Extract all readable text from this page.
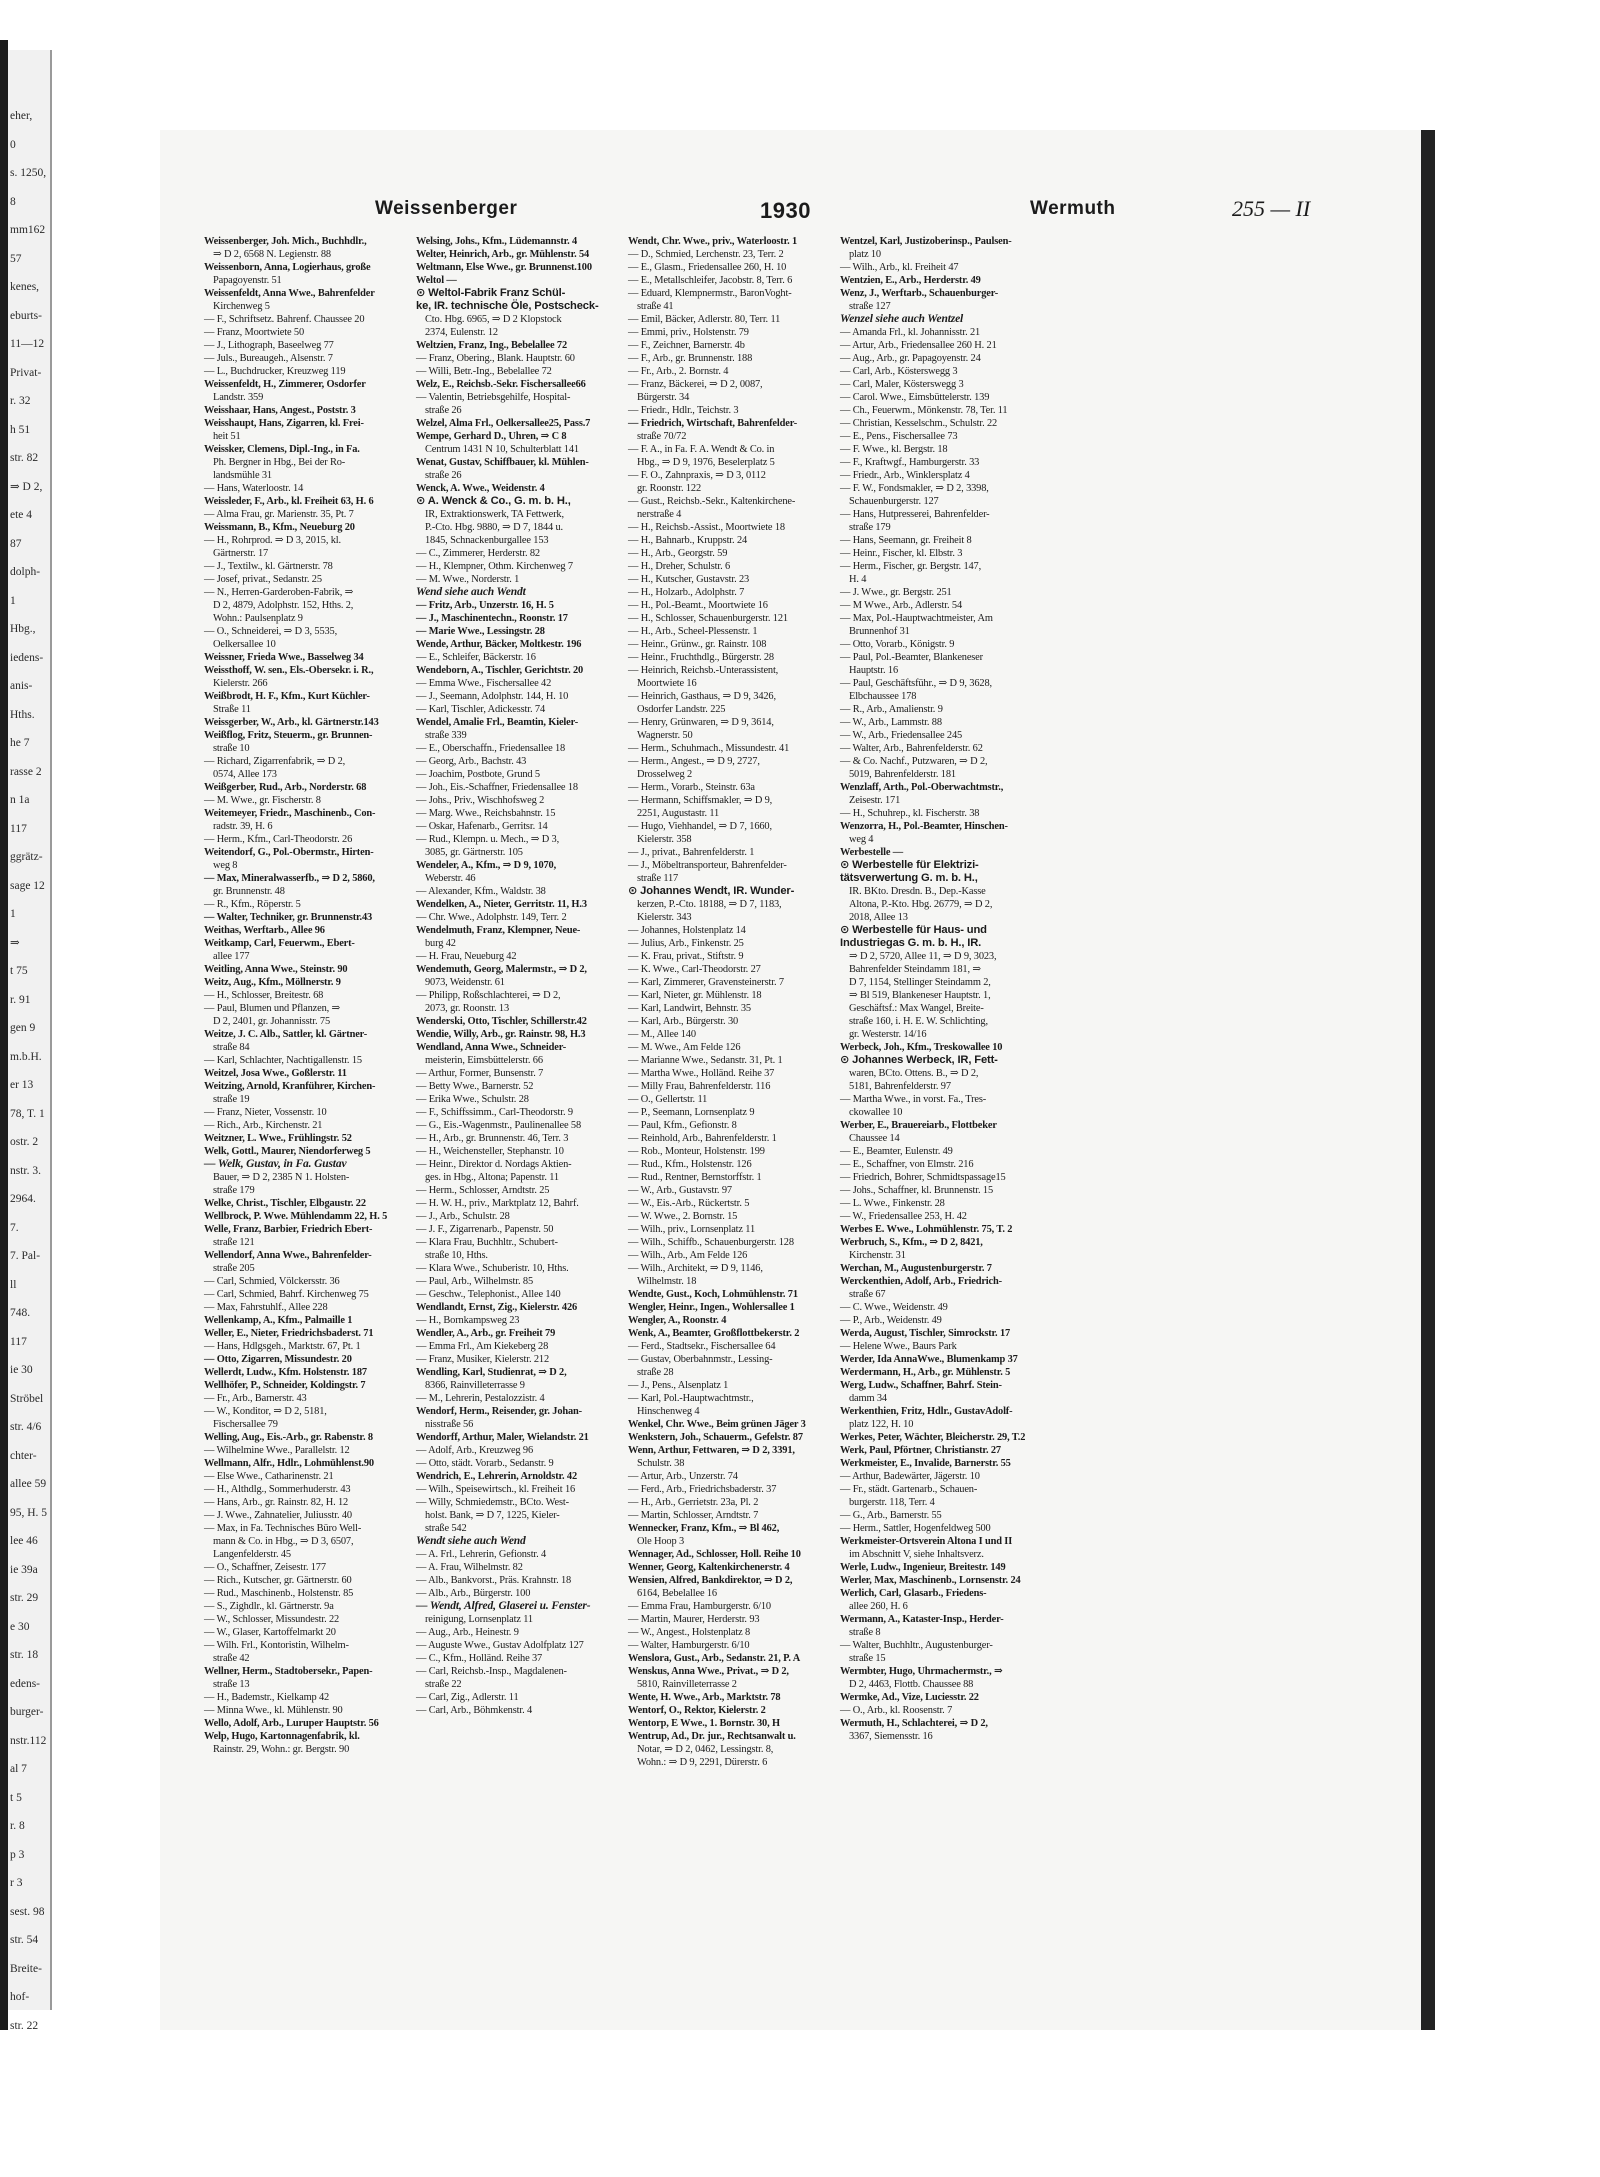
eher,
0
s. 1250,
8
mm162
57
kenes,
eburts-
11—12
Privat-
r. 32
h 51
str. 82
⇒ D 2,
ete 4
87
dolph-
1
Hbg.,
iedens-
anis-
Hths.
he 7
rasse 2
n 1a
117
ggrätz-
sage 12
1
⇒
t 75
r. 91
gen 9
m.b.H.
er 13
78, T. 1
ostr. 2
nstr. 3.
2964.
7.
7. Pal-
ll
748.
117
ie 30
Ströbel
str. 4/6
chter-
allee 59
95, H. 5
lee 46
ie 39a
str. 29
e 30
str. 18
edens-
burger-
nstr.112
al 7
t 5
r. 8
p 3
r 3
sest. 98
str. 54
Breite-
hof-
str. 22
Weissenberger	1930	Wermuth	255 — II
Weissenberger, Joh. Mich., Buchhdlr.,
⇒ D 2, 6568 N. Legienstr. 88
Weissenborn, Anna, Logierhaus, große
Papagoyenstr. 51
Weissenfeldt, Anna Wwe., Bahrenfelder
Kirchenweg 5
— F., Schriftsetz. Bahrenf. Chaussee 20
— Franz, Moortwiete 50
— J., Lithograph, Baseelweg 77
— Juls., Bureaugeh., Alsenstr. 7
— L., Buchdrucker, Kreuzweg 119
Weissenfeldt, H., Zimmerer, Osdorfer
Landstr. 359
Weisshaar, Hans, Angest., Poststr. 3
Weisshaupt, Hans, Zigarren, kl. Frei-
heit 51
Weissker, Clemens, Dipl.-Ing., in Fa.
Ph. Bergner in Hbg., Bei der Ro-
landsmühle 31
— Hans, Waterloostr. 14
Weissleder, F., Arb., kl. Freiheit 63, H. 6
— Alma Frau, gr. Marienstr. 35, Pt. 7
Weissmann, B., Kfm., Neueburg 20
— H., Rohrprod. ⇒ D 3, 2015, kl.
Gärtnerstr. 17
— J., Textilw., kl. Gärtnerstr. 78
— Josef, privat., Sedanstr. 25
— N., Herren-Garderoben-Fabrik, ⇒
D 2, 4879, Adolphstr. 152, Hths. 2,
Wohn.: Paulsenplatz 9
— O., Schneiderei, ⇒ D 3, 5535,
Oelkersallee 10
Weissner, Frieda Wwe., Basselweg 34
Weissthoff, W. sen., Els.-Obersekr. i. R.,
Kielerstr. 266
Weißbrodt, H. F., Kfm., Kurt Küchler-
Straße 11
Weissgerber, W., Arb., kl. Gärtnerstr.143
Weißflog, Fritz, Steuerm., gr. Brunnen-
straße 10
— Richard, Zigarrenfabrik, ⇒ D 2,
0574, Allee 173
Weißgerber, Rud., Arb., Norderstr. 68
— M. Wwe., gr. Fischerstr. 8
Weitemeyer, Friedr., Maschinenb., Con-
radstr. 39, H. 6
— Herm., Kfm., Carl-Theodorstr. 26
Weitendorf, G., Pol.-Obermstr., Hirten-
weg 8
— Max, Mineralwasserfb., ⇒ D 2, 5860,
gr. Brunnenstr. 48
— R., Kfm., Röperstr. 5
— Walter, Techniker, gr. Brunnenstr.43
Weithas, Werftarb., Allee 96
Weitkamp, Carl, Feuerwm., Ebert-
allee 177
Weitling, Anna Wwe., Steinstr. 90
Weitz, Aug., Kfm., Möllnerstr. 9
— H., Schlosser, Breitestr. 68
— Paul, Blumen und Pflanzen, ⇒
D 2, 2401, gr. Johannisstr. 75
Weitze, J. C. Alb., Sattler, kl. Gärtner-
straße 84
— Karl, Schlachter, Nachtigallenstr. 15
Weitzel, Josa Wwe., Goßlerstr. 11
Weitzing, Arnold, Kranführer, Kirchen-
straße 19
— Franz, Nieter, Vossenstr. 10
— Rich., Arb., Kirchenstr. 21
Weitzner, L. Wwe., Frühlingstr. 52
Welk, Gottl., Maurer, Niendorferweg 5
— Welk, Gustav, in Fa. Gustav
Bauer, ⇒ D 2, 2385 N 1. Holsten-
straße 179
Welke, Christ., Tischler, Elbgaustr. 22
Wellbrock, P. Wwe. Mühlendamm 22, H. 5
Welle, Franz, Barbier, Friedrich Ebert-
straße 121
Wellendorf, Anna Wwe., Bahrenfelder-
straße 205
— Carl, Schmied, Völckersstr. 36
— Carl, Schmied, Bahrf. Kirchenweg 75
— Max, Fahrstuhlf., Allee 228
Wellenkamp, A., Kfm., Palmaille 1
Weller, E., Nieter, Friedrichsbaderst. 71
— Hans, Hdlgsgeh., Marktstr. 67, Pt. 1
— Otto, Zigarren, Missundestr. 20
Wellerdt, Ludw., Kfm. Holstenstr. 187
Wellhöfer, P., Schneider, Koldingstr. 7
— Fr., Arb., Barnerstr. 43
— W., Konditor, ⇒ D 2, 5181,
Fischersallee 79
Welling, Aug., Eis.-Arb., gr. Rabenstr. 8
— Wilhelmine Wwe., Parallelstr. 12
Wellmann, Alfr., Hdlr., Lohmühlenst.90
— Else Wwe., Catharinenstr. 21
— H., Althdlg., Sommerhuderstr. 43
— Hans, Arb., gr. Rainstr. 82, H. 12
— J. Wwe., Zahnatelier, Juliusstr. 40
— Max, in Fa. Technisches Büro Well-
mann & Co. in Hbg., ⇒ D 3, 6507,
Langenfelderstr. 45
— O., Schaffner, Zeisestr. 177
— Rich., Kutscher, gr. Gärtnerstr. 60
— Rud., Maschinenb., Holstenstr. 85
— S., Zighdlr., kl. Gärtnerstr. 9a
— W., Schlosser, Missundestr. 22
— W., Glaser, Kartoffelmarkt 20
— Wilh. Frl., Kontoristin, Wilhelm-
straße 42
Wellner, Herm., Stadtobersekr., Papen-
straße 13
— H., Bademstr., Kielkamp 42
— Minna Wwe., kl. Mühlenstr. 90
Wello, Adolf, Arb., Luruper Hauptstr. 56
Welp, Hugo, Kartonnagenfabrik, kl.
Rainstr. 29, Wohn.: gr. Bergstr. 90
Welsing, Johs., Kfm., Lüdemannstr. 4
Welter, Heinrich, Arb., gr. Mühlenstr. 54
Weltmann, Else Wwe., gr. Brunnenst.100
Weltol —
⊙ Weltol-Fabrik Franz Schül-
ke, IR. technische Öle, Postscheck-
Cto. Hbg. 6965, ⇒ D 2 Klopstock
2374, Eulenstr. 12
Weltzien, Franz, Ing., Bebelallee 72
— Franz, Obering., Blank. Hauptstr. 60
— Willi, Betr.-Ing., Bebelallee 72
Welz, E., Reichsb.-Sekr. Fischersallee66
— Valentin, Betriebsgehilfe, Hospital-
straße 26
Welzel, Alma Frl., Oelkersallee25, Pass.7
Wempe, Gerhard D., Uhren, ⇒ C 8
Centrum 1431 N 10, Schulterblatt 141
Wenat, Gustav, Schiffbauer, kl. Mühlen-
straße 26
Wenck, A. Wwe., Weidenstr. 4
⊙ A. Wenck & Co., G. m. b. H.,
IR, Extraktionswerk, TA Fettwerk,
P.-Cto. Hbg. 9880, ⇒ D 7, 1844 u.
1845, Schnackenburgallee 153
— C., Zimmerer, Herderstr. 82
— H., Klempner, Othm. Kirchenweg 7
— M. Wwe., Norderstr. 1
Wend siehe auch Wendt
— Fritz, Arb., Unzerstr. 16, H. 5
— J., Maschinentechn., Roonstr. 17
— Marie Wwe., Lessingstr. 28
Wende, Arthur, Bäcker, Moltkestr. 196
— E., Schleifer, Bäckerstr. 16
Wendeborn, A., Tischler, Gerichtstr. 20
— Emma Wwe., Fischersallee 42
— J., Seemann, Adolphstr. 144, H. 10
— Karl, Tischler, Adickesstr. 74
Wendel, Amalie Frl., Beamtin, Kieler-
straße 339
— E., Oberschaffn., Friedensallee 18
— Georg, Arb., Bachstr. 43
— Joachim, Postbote, Grund 5
— Joh., Eis.-Schaffner, Friedensallee 18
— Johs., Priv., Wischhofsweg 2
— Marg. Wwe., Reichsbahnstr. 15
— Oskar, Hafenarb., Gerritsr. 14
— Rud., Klempn. u. Mech., ⇒ D 3,
3085, gr. Gärtnerstr. 105
Wendeler, A., Kfm., ⇒ D 9, 1070,
Weberstr. 46
— Alexander, Kfm., Waldstr. 38
Wendelken, A., Nieter, Gerritstr. 11, H.3
— Chr. Wwe., Adolphstr. 149, Terr. 2
Wendelmuth, Franz, Klempner, Neue-
burg 42
— H. Frau, Neueburg 42
Wendemuth, Georg, Malermstr., ⇒ D 2,
9073, Weidenstr. 61
— Philipp, Roßschlachterei, ⇒ D 2,
2073, gr. Roonstr. 13
Wenderski, Otto, Tischler, Schillerstr.42
Wendie, Willy, Arb., gr. Rainstr. 98, H.3
Wendland, Anna Wwe., Schneider-
meisterin, Eimsbüttelerstr. 66
— Arthur, Former, Bunsenstr. 7
— Betty Wwe., Barnerstr. 52
— Erika Wwe., Schulstr. 28
— F., Schiffssimm., Carl-Theodorstr. 9
— G., Eis.-Wagenmstr., Paulinenallee 58
— H., Arb., gr. Brunnenstr. 46, Terr. 3
— H., Weichensteller, Stephanstr. 10
— Heinr., Direktor d. Nordags Aktien-
ges. in Hbg., Altona; Papenstr. 11
— Herm., Schlosser, Arndtstr. 25
— H. W. H., priv., Marktplatz 12, Bahrf.
— J., Arb., Schulstr. 28
— J. F., Zigarrenarb., Papenstr. 50
— Klara Frau, Buchhltr., Schubert-
straße 10, Hths.
— Klara Wwe., Schuberistr. 10, Hths.
— Paul, Arb., Wilhelmstr. 85
— Geschw., Telephonist., Allee 140
Wendlandt, Ernst, Zig., Kielerstr. 426
— H., Bornkampsweg 23
Wendler, A., Arb., gr. Freiheit 79
— Emma Frl., Am Kiekeberg 28
— Franz, Musiker, Kielerstr. 212
Wendling, Karl, Studienrat, ⇒ D 2,
8366, Rainvilleterrasse 9
— M., Lehrerin, Pestalozzistr. 4
Wendorf, Herm., Reisender, gr. Johan-
nisstraße 56
Wendorff, Arthur, Maler, Wielandstr. 21
— Adolf, Arb., Kreuzweg 96
— Otto, städt. Vorarb., Sedanstr. 9
Wendrich, E., Lehrerin, Arnoldstr. 42
— Wilh., Speisewirtsch., kl. Freiheit 16
— Willy, Schmiedemstr., BCto. West-
holst. Bank, ⇒ D 7, 1225, Kieler-
straße 542
Wendt siehe auch Wend
— A. Frl., Lehrerin, Gefionstr. 4
— A. Frau, Wilhelmstr. 82
— Alb., Bankvorst., Präs. Krahnstr. 18
— Alb., Arb., Bürgerstr. 100
— Wendt, Alfred, Glaserei u. Fenster-
reinigung, Lornsenplatz 11
— Aug., Arb., Heinestr. 9
— Auguste Wwe., Gustav Adolfplatz 127
— C., Kfm., Holländ. Reihe 37
— Carl, Reichsb.-Insp., Magdalenen-
straße 22
— Carl, Zig., Adlerstr. 11
— Carl, Arb., Böhmkenstr. 4
Wendt, Chr. Wwe., priv., Waterloostr. 1
— D., Schmied, Lerchenstr. 23, Terr. 2
— E., Glasm., Friedensallee 260, H. 10
— E., Metallschleifer, Jacobstr. 8, Terr. 6
— Eduard, Klempnermstr., BaronVoght-
straße 41
— Emil, Bäcker, Adlerstr. 80, Terr. 11
— Emmi, priv., Holstenstr. 79
— F., Zeichner, Barnerstr. 4b
— F., Arb., gr. Brunnenstr. 188
— Fr., Arb., 2. Bornstr. 4
— Franz, Bäckerei, ⇒ D 2, 0087,
Bürgerstr. 34
— Friedr., Hdlr., Teichstr. 3
— Friedrich, Wirtschaft, Bahrenfelder-
straße 70/72
— F. A., in Fa. F. A. Wendt & Co. in
Hbg., ⇒ D 9, 1976, Beselerplatz 5
— F. O., Zahnpraxis, ⇒ D 3, 0112
gr. Roonstr. 122
— Gust., Reichsb.-Sekr., Kaltenkirchene-
nerstraße 4
— H., Reichsb.-Assist., Moortwiete 18
— H., Bahnarb., Kruppstr. 24
— H., Arb., Georgstr. 59
— H., Dreher, Schulstr. 6
— H., Kutscher, Gustavstr. 23
— H., Holzarb., Adolphstr. 7
— H., Pol.-Beamt., Moortwiete 16
— H., Schlosser, Schauenburgerstr. 121
— H., Arb., Scheel-Plessenstr. 1
— Heinr., Grünw., gr. Rainstr. 108
— Heinr., Fruchthdlg., Bürgerstr. 28
— Heinrich, Reichsb.-Unterassistent,
Moortwiete 16
— Heinrich, Gasthaus, ⇒ D 9, 3426,
Osdorfer Landstr. 225
— Henry, Grünwaren, ⇒ D 9, 3614,
Wagnerstr. 50
— Herm., Schuhmach., Missundestr. 41
— Herm., Angest., ⇒ D 9, 2727,
Drosselweg 2
— Herm., Vorarb., Steinstr. 63a
— Hermann, Schiffsmakler, ⇒ D 9,
2251, Augustastr. 11
— Hugo, Viehhandel, ⇒ D 7, 1660,
Kielerstr. 358
— J., privat., Bahrenfelderstr. 1
— J., Möbeltransporteur, Bahrenfelder-
straße 117
⊙ Johannes Wendt, IR. Wunder-
kerzen, P.-Cto. 18188, ⇒ D 7, 1183,
Kielerstr. 343
— Johannes, Holstenplatz 14
— Julius, Arb., Finkenstr. 25
— K. Frau, privat., Stiftstr. 9
— K. Wwe., Carl-Theodorstr. 27
— Karl, Zimmerer, Gravensteinerstr. 7
— Karl, Nieter, gr. Mühlenstr. 18
— Karl, Landwirt, Behnstr. 35
— Karl, Arb., Bürgerstr. 30
— M., Allee 140
— M. Wwe., Am Felde 126
— Marianne Wwe., Sedanstr. 31, Pt. 1
— Martha Wwe., Holländ. Reihe 37
— Milly Frau, Bahrenfelderstr. 116
— O., Gellertstr. 11
— P., Seemann, Lornsenplatz 9
— Paul, Kfm., Gefionstr. 8
— Reinhold, Arb., Bahrenfelderstr. 1
— Rob., Monteur, Holstenstr. 199
— Rud., Kfm., Holstenstr. 126
— Rud., Rentner, Bernstorffstr. 1
— W., Arb., Gustavstr. 97
— W., Eis.-Arb., Rückertstr. 5
— W. Wwe., 2. Bornstr. 15
— Wilh., priv., Lornsenplatz 11
— Wilh., Schiffb., Schauenburgerstr. 128
— Wilh., Arb., Am Felde 126
— Wilh., Architekt, ⇒ D 9, 1146,
Wilhelmstr. 18
Wendte, Gust., Koch, Lohmühlenstr. 71
Wengler, Heinr., Ingen., Wohlersallee 1
Wengler, A., Roonstr. 4
Wenk, A., Beamter, Großflottbekerstr. 2
— Ferd., Stadtsekr., Fischersallee 64
— Gustav, Oberbahnmstr., Lessing-
straße 28
— J., Pens., Alsenplatz 1
— Karl, Pol.-Hauptwachtmstr.,
Hinschenweg 4
Wenkel, Chr. Wwe., Beim grünen Jäger 3
Wenkstern, Joh., Schauerm., Gefelstr. 87
Wenn, Arthur, Fettwaren, ⇒ D 2, 3391,
Schulstr. 38
— Artur, Arb., Unzerstr. 74
— Ferd., Arb., Friedrichsbaderstr. 37
— H., Arb., Gerrietstr. 23a, Pl. 2
— Martin, Schlosser, Arndtstr. 7
Wennecker, Franz, Kfm., ⇒ Bl 462,
Ole Hoop 3
Wennager, Ad., Schlosser, Holl. Reihe 10
Wenner, Georg, Kaltenkirchenerstr. 4
Wensien, Alfred, Bankdirektor, ⇒ D 2,
6164, Bebelallee 16
— Emma Frau, Hamburgerstr. 6/10
— Martin, Maurer, Herderstr. 93
— W., Angest., Holstenplatz 8
— Walter, Hamburgerstr. 6/10
Wenslora, Gust., Arb., Sedanstr. 21, P. A
Wenskus, Anna Wwe., Privat., ⇒ D 2,
5810, Rainvilleterrasse 2
Wente, H. Wwe., Arb., Marktstr. 78
Wentorf, O., Rektor, Kielerstr. 2
Wentorp, E Wwe., 1. Bornstr. 30, H
Wentrup, Ad., Dr. jur., Rechtsanwalt u.
Notar, ⇒ D 2, 0462, Lessingstr. 8,
Wohn.: ⇒ D 9, 2291, Dürerstr. 6
Wentzel, Karl, Justizoberinsp., Paulsen-
platz 10
— Wilh., Arb., kl. Freiheit 47
Wentzien, E., Arb., Herderstr. 49
Wenz, J., Werftarb., Schauenburger-
straße 127
Wenzel siehe auch Wentzel
— Amanda Frl., kl. Johannisstr. 21
— Artur, Arb., Friedensallee 260 H. 21
— Aug., Arb., gr. Papagoyenstr. 24
— Carl, Arb., Kösterswegg 3
— Carl, Maler, Kösterswegg 3
— Carol. Wwe., Eimsbüttelerstr. 139
— Ch., Feuerwm., Mönkenstr. 78, Ter. 11
— Christian, Kesselschm., Schulstr. 22
— E., Pens., Fischersallee 73
— F. Wwe., kl. Bergstr. 18
— F., Kraftwgf., Hamburgerstr. 33
— Friedr., Arb., Winklersplatz 4
— F. W., Fondsmakler, ⇒ D 2, 3398,
Schauenburgerstr. 127
— Hans, Hutpresserei, Bahrenfelder-
straße 179
— Hans, Seemann, gr. Freiheit 8
— Heinr., Fischer, kl. Elbstr. 3
— Herm., Fischer, gr. Bergstr. 147,
H. 4
— J. Wwe., gr. Bergstr. 251
— M Wwe., Arb., Adlerstr. 54
— Max, Pol.-Hauptwachtmeister, Am
Brunnenhof 31
— Otto, Vorarb., Königstr. 9
— Paul, Pol.-Beamter, Blankeneser
Hauptstr. 16
— Paul, Geschäftsführ., ⇒ D 9, 3628,
Elbchaussee 178
— R., Arb., Amalienstr. 9
— W., Arb., Lammstr. 88
— W., Arb., Friedensallee 245
— Walter, Arb., Bahrenfelderstr. 62
— & Co. Nachf., Putzwaren, ⇒ D 2,
5019, Bahrenfelderstr. 181
Wenzlaff, Arth., Pol.-Oberwachtmstr.,
Zeisestr. 171
— H., Schuhrep., kl. Fischerstr. 38
Wenzorra, H., Pol.-Beamter, Hinschen-
weg 4
Werbestelle —
⊙ Werbestelle für Elektrizi-
tätsverwertung G. m. b. H.,
IR. BKto. Dresdn. B., Dep.-Kasse
Altona, P.-Kto. Hbg. 26779, ⇒ D 2,
2018, Allee 13
⊙ Werbestelle für Haus- und
Industriegas G. m. b. H., IR.
⇒ D 2, 5720, Allee 11, ⇒ D 9, 3023,
Bahrenfelder Steindamm 181, ⇒
D 7, 1154, Stellinger Steindamm 2,
⇒ Bl 519, Blankeneser Hauptstr. 1,
Geschäftsf.: Max Wangel, Breite-
straße 160, i. H. E. W. Schlichting,
gr. Westerstr. 14/16
Werbeck, Joh., Kfm., Treskowallee 10
⊙ Johannes Werbeck, IR, Fett-
waren, BCto. Ottens. B., ⇒ D 2,
5181, Bahrenfelderstr. 97
— Martha Wwe., in vorst. Fa., Tres-
ckowallee 10
Werber, E., Brauereiarb., Flottbeker
Chaussee 14
— E., Beamter, Eulenstr. 49
— E., Schaffner, von Elmstr. 216
— Friedrich, Bohrer, Schmidtspassage15
— Johs., Schaffner, kl. Brunnenstr. 15
— L. Wwe., Finkenstr. 28
— W., Friedensallee 253, H. 42
Werbes E. Wwe., Lohmühlenstr. 75, T. 2
Werbruch, S., Kfm., ⇒ D 2, 8421,
Kirchenstr. 31
Werchan, M., Augustenburgerstr. 7
Werckenthien, Adolf, Arb., Friedrich-
straße 67
— C. Wwe., Weidenstr. 49
— P., Arb., Weidenstr. 49
Werda, August, Tischler, Simrockstr. 17
— Helene Wwe., Baurs Park
Werder, Ida AnnaWwe., Blumenkamp 37
Werdermann, H., Arb., gr. Mühlenstr. 5
Werg, Ludw., Schaffner, Bahrf. Stein-
damm 34
Werkenthien, Fritz, Hdlr., GustavAdolf-
platz 122, H. 10
Werkes, Peter, Wächter, Bleicherstr. 29, T.2
Werk, Paul, Pförtner, Christianstr. 27
Werkmeister, E., Invalide, Barnerstr. 55
— Arthur, Badewärter, Jägerstr. 10
— Fr., städt. Gartenarb., Schauen-
burgerstr. 118, Terr. 4
— G., Arb., Barnerstr. 55
— Herm., Sattler, Hogenfeldweg 500
Werkmeister-Ortsverein Altona I und II
im Abschnitt V, siehe Inhaltsverz.
Werle, Ludw., Ingenieur, Breitestr. 149
Werler, Max, Maschinenb., Lornsenstr. 24
Werlich, Carl, Glasarb., Friedens-
allee 260, H. 6
Wermann, A., Kataster-Insp., Herder-
straße 8
— Walter, Buchhltr., Augustenburger-
straße 15
Wermbter, Hugo, Uhrmachermstr., ⇒
D 2, 4463, Flottb. Chaussee 88
Wermke, Ad., Vize, Luciesstr. 22
— O., Arb., kl. Roosenstr. 7
Wermuth, H., Schlachterei, ⇒ D 2,
3367, Siemensstr. 16
